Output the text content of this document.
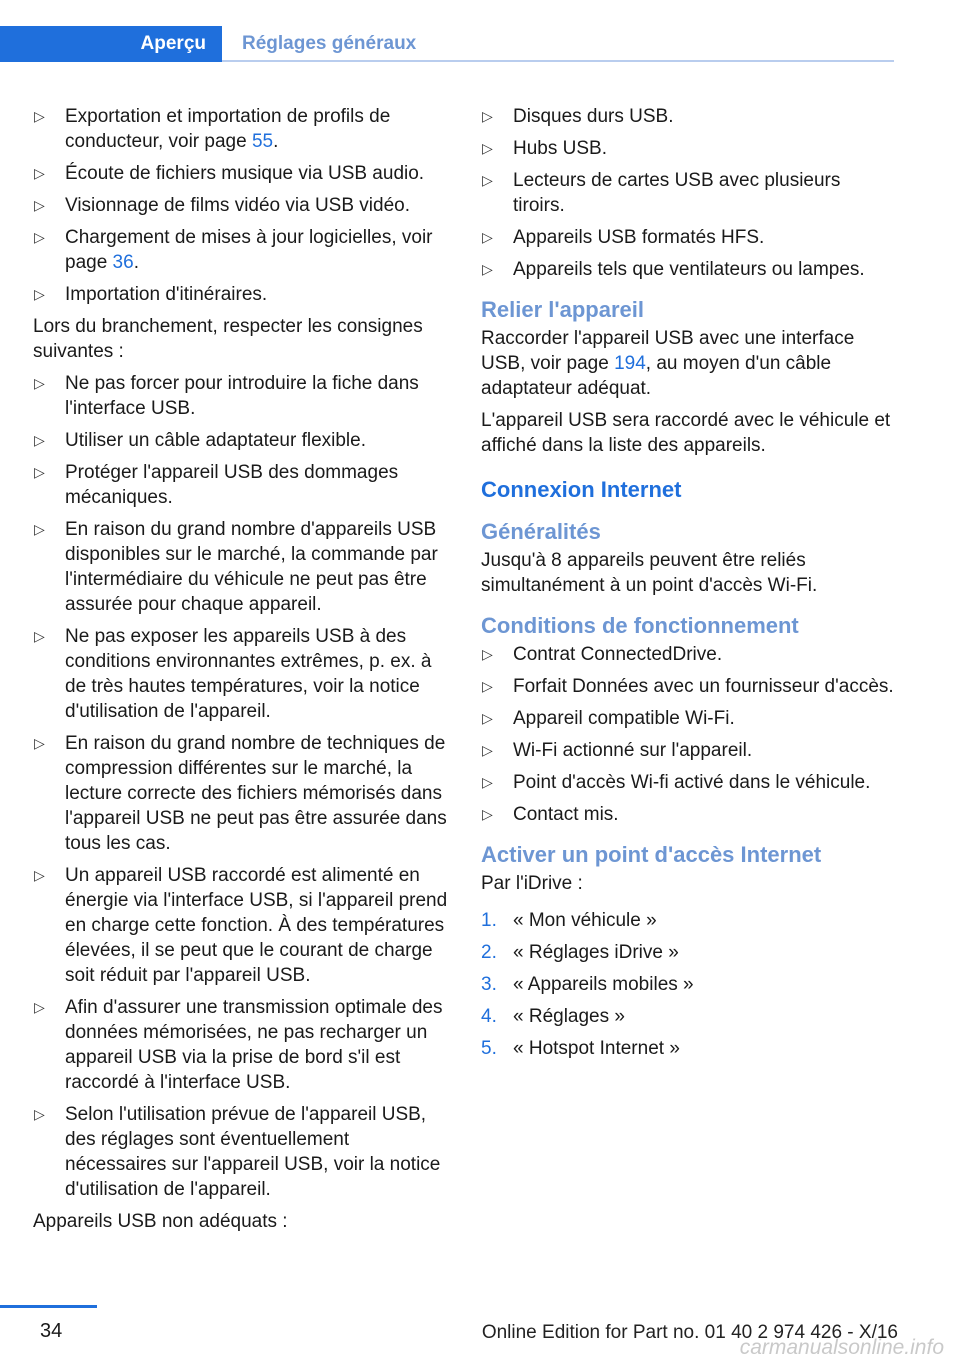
Aperçu	Réglages généraux
▷ Exportation et importation de profils de conducteur, voir page 55.
▷ Écoute de fichiers musique via USB audio.
▷ Visionnage de films vidéo via USB vidéo.
▷ Chargement de mises à jour logicielles, voir page 36.
▷ Importation d'itinéraires.

Lors du branchement, respecter les consignes suivantes :

▷ Ne pas forcer pour introduire la fiche dans l'interface USB.
▷ Utiliser un câble adaptateur flexible.
▷ Protéger l'appareil USB des dommages mécaniques.
▷ En raison du grand nombre d'appareils USB disponibles sur le marché, la commande par l'intermédiaire du véhicule ne peut pas être assurée pour chaque appareil.
▷ Ne pas exposer les appareils USB à des conditions environnantes extrêmes, p. ex. à de très hautes températures, voir la notice d'utilisation de l'appareil.
▷ En raison du grand nombre de techniques de compression différentes sur le marché, la lecture correcte des fichiers mémorisés dans l'appareil USB ne peut pas être assurée dans tous les cas.
▷ Un appareil USB raccordé est alimenté en énergie via l'interface USB, si l'appareil prend en charge cette fonction. À des températures élevées, il se peut que le courant de charge soit réduit par l'appareil USB.
▷ Afin d'assurer une transmission optimale des données mémorisées, ne pas recharger un appareil USB via la prise de bord s'il est raccordé à l'interface USB.
▷ Selon l'utilisation prévue de l'appareil USB, des réglages sont éventuellement nécessaires sur l'appareil USB, voir la notice d'utilisation de l'appareil.

Appareils USB non adéquats :

▷ Disques durs USB.
▷ Hubs USB.
▷ Lecteurs de cartes USB avec plusieurs tiroirs.
▷ Appareils USB formatés HFS.
▷ Appareils tels que ventilateurs ou lampes.
Relier l'appareil

Raccorder l'appareil USB avec une interface USB, voir page 194, au moyen d'un câble adaptateur adéquat.

L'appareil USB sera raccordé avec le véhicule et affiché dans la liste des appareils.

Connexion Internet
Généralités

Jusqu'à 8 appareils peuvent être reliés simultanément à un point d'accès Wi-Fi.

Conditions de fonctionnement
▷ Contrat ConnectedDrive.
▷ Forfait Données avec un fournisseur d'accès.
▷ Appareil compatible Wi-Fi.
▷ Wi-Fi actionné sur l'appareil.
▷ Point d'accès Wi-fi activé dans le véhicule.
▷ Contact mis.
Activer un point d'accès Internet

Par l'iDrive :

1. « Mon véhicule »
2. « Réglages iDrive »
3. « Appareils mobiles »
4. « Réglages »
5. « Hotspot Internet »
34	Online Edition for Part no. 01 40 2 974 426 - X/16
carmanualsonline.info
